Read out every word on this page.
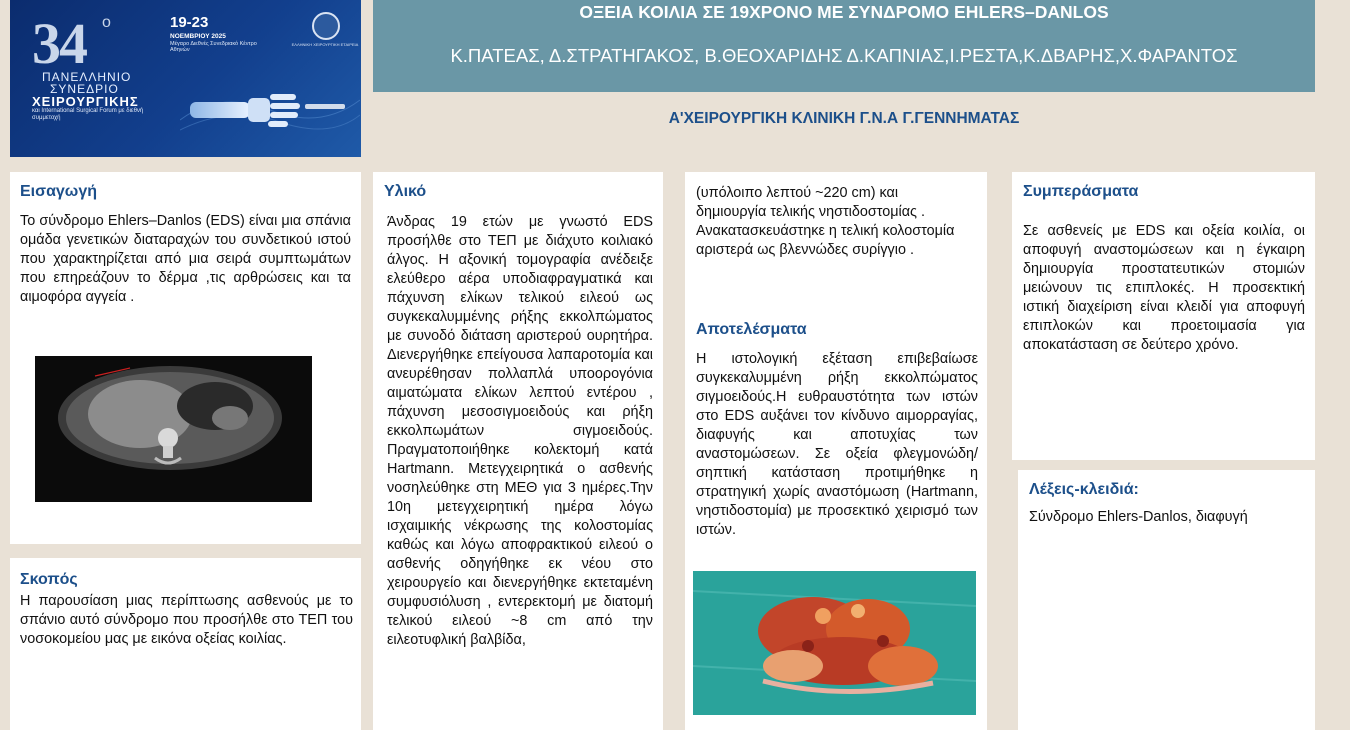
34 ο
ΠΑΝΕΛΛΗΝΙΟ
ΣΥΝΕΔΡΙΟ
ΧΕΙΡΟΥΡΓΙΚΗΣ
και International Surgical Forum με διεθνή συμμετοχή
19-23
ΝΟΕΜΒΡΙΟΥ 2025
Μέγαρο Διεθνές Συνεδριακό Κέντρο Αθηνών
ΕΛΛΗΝΙΚΗ ΧΕΙΡΟΥΡΓΙΚΗ ΕΤΑΙΡΕΙΑ
ΟΞΕΙΑ ΚΟΙΛΙΑ ΣΕ 19ΧΡΟΝΟ ΜΕ ΣΥΝΔΡΟΜΟ EHLERS–DANLOS
Κ.ΠΑΤΕΑΣ, Δ.ΣΤΡΑΤΗΓΑΚΟΣ, Β.ΘΕΟΧΑΡΙΔΗΣ Δ.ΚΑΠΝΙΑΣ,Ι.ΡΕΣΤΑ,Κ.ΔΒΑΡΗΣ,Χ.ΦΑΡΑΝΤΟΣ
Α'ΧΕΙΡΟΥΡΓΙΚΗ ΚΛΙΝΙΚΗ Γ.Ν.Α Γ.ΓΕΝΝΗΜΑΤΑΣ
Εισαγωγή
Το σύνδρομο Ehlers–Danlos (EDS) είναι μια σπάνια ομάδα γενετικών διαταραχών του συνδετικού ιστού που χαρακτηρίζεται από μια σειρά συμπτωμάτων που επηρεάζουν το δέρμα ,τις αρθρώσεις και τα αιμοφόρα αγγεία .
Σκοπός
Η παρουσίαση μιας περίπτωσης ασθενούς με το σπάνιο αυτό σύνδρομο που προσήλθε στο ΤΕΠ του νοσοκομείου μας με εικόνα οξείας κοιλίας.
Υλικό
Άνδρας 19 ετών με γνωστό EDS προσήλθε στο ΤΕΠ με διάχυτο κοιλιακό άλγος. Η αξονική τομογραφία ανέδειξε ελεύθερο αέρα υποδιαφραγματικά και πάχυνση ελίκων τελικού ειλεού ως συγκεκαλυμμένης ρήξης εκκολπώματος με συνοδό διάταση αριστερού ουρητήρα. Διενεργήθηκε επείγουσα λαπαροτομία και ανευρέθησαν πολλαπλά υποορογόνια αιματώματα ελίκων λεπτού εντέρου , πάχυνση μεσοσιγμοειδούς και ρήξη εκκολπωμάτων σιγμοειδούς. Πραγματοποιήθηκε κολεκτομή κατά Hartmann. Μετεγχειρητικά ο ασθενής νοσηλεύθηκε στη ΜΕΘ για 3 ημέρες.Την 10η μετεγχειρητική ημέρα λόγω ισχαιμικής νέκρωσης της κολοστομίας καθώς και λόγω αποφρακτικού ειλεού ο ασθενής οδηγήθηκε εκ νέου στο χειρουργείο και διενεργήθηκε εκτεταμένη συμφυσιόλυση , εντερεκτομή με διατομή τελικού ειλεού ~8 cm από την ειλεοτυφλική βαλβίδα,
(υπόλοιπο λεπτού ~220 cm) και δημιουργία τελικής νηστιδοστομίας . Ανακατασκευάστηκε η τελική κολοστομία αριστερά ως βλεννώδες συρίγγιο .
Αποτελέσματα
Η ιστολογική εξέταση επιβεβαίωσε συγκεκαλυμμένη ρήξη εκκολπώματος σιγμοειδούς.Η ευθραυστότητα των ιστών στο EDS αυξάνει τον κίνδυνο αιμορραγίας, διαφυγής και αποτυχίας των αναστομώσεων. Σε οξεία φλεγμονώδη/σηπτική κατάσταση προτιμήθηκε η στρατηγική χωρίς αναστόμωση (Hartmann, νηστιδοστομία) με προσεκτικό χειρισμό των ιστών.
Συμπεράσματα
Σε ασθενείς με EDS και οξεία κοιλία, οι αποφυγή αναστομώσεων και η έγκαιρη δημιουργία προστατευτικών στομιών μειώνουν τις επιπλοκές. Η προσεκτική ιστική διαχείριση είναι κλειδί για αποφυγή επιπλοκών και προετοιμασία για αποκατάσταση σε δεύτερο χρόνο.
Λέξεις-κλειδιά:
Σύνδρομο Ehlers-Danlos, διαφυγή
